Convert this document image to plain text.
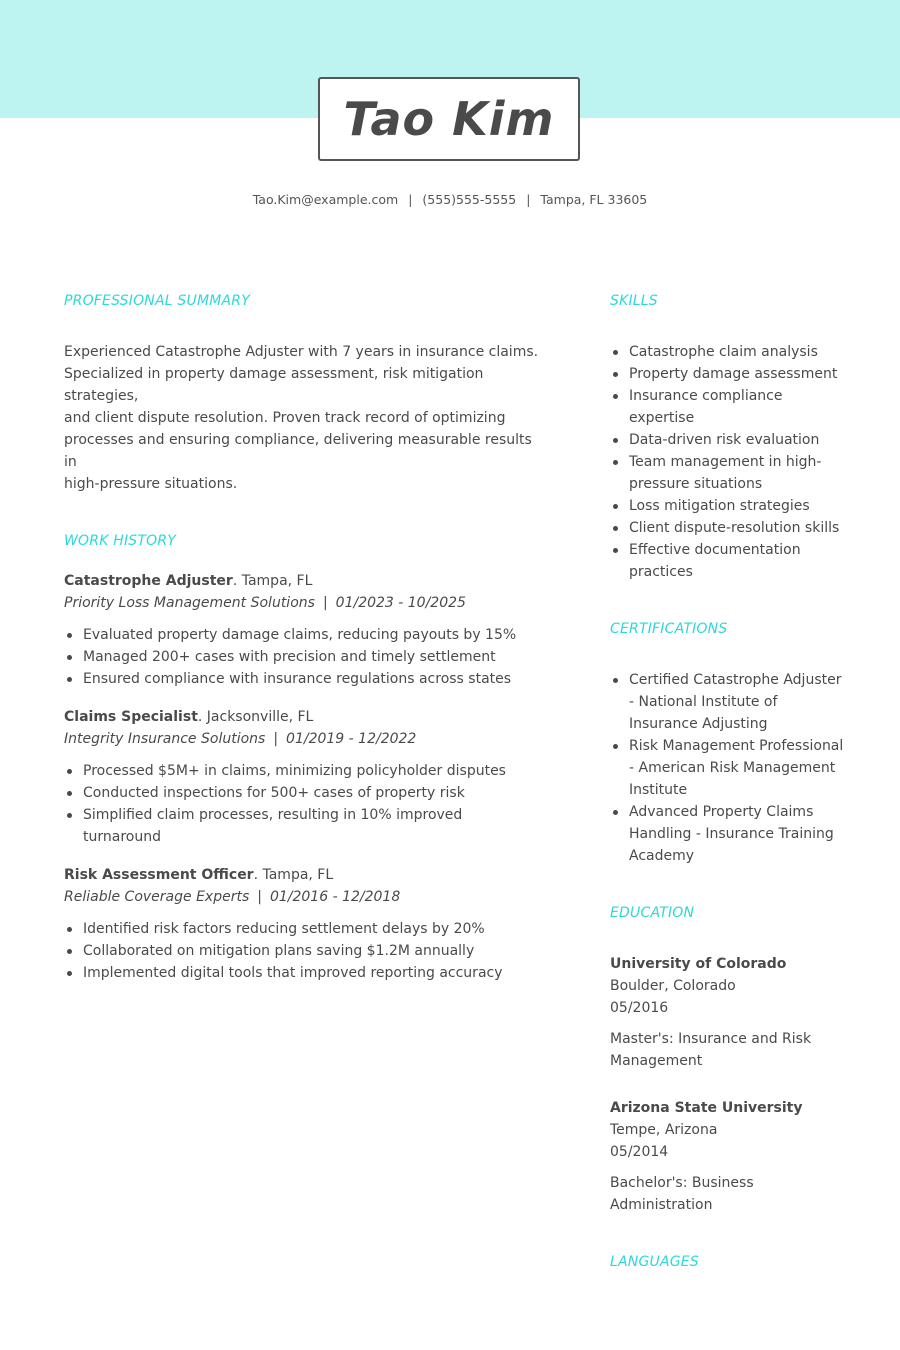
Tao Kim
Tao.Kim@example.com | (555)555-5555 | Tampa, FL 33605
PROFESSIONAL SUMMARY
Experienced Catastrophe Adjuster with 7 years in insurance claims.
Specialized in property damage assessment, risk mitigation strategies,
and client dispute resolution. Proven track record of optimizing
processes and ensuring compliance, delivering measurable results in
high-pressure situations.
WORK HISTORY
Catastrophe Adjuster. Tampa, FL
Priority Loss Management Solutions | 01/2023 - 10/2025
Evaluated property damage claims, reducing payouts by 15%
Managed 200+ cases with precision and timely settlement
Ensured compliance with insurance regulations across states
Claims Specialist. Jacksonville, FL
Integrity Insurance Solutions | 01/2019 - 12/2022
Processed $5M+ in claims, minimizing policyholder disputes
Conducted inspections for 500+ cases of property risk
Simplified claim processes, resulting in 10% improved turnaround
Risk Assessment Officer. Tampa, FL
Reliable Coverage Experts | 01/2016 - 12/2018
Identified risk factors reducing settlement delays by 20%
Collaborated on mitigation plans saving $1.2M annually
Implemented digital tools that improved reporting accuracy
SKILLS
Catastrophe claim analysis
Property damage assessment
Insurance compliance expertise
Data-driven risk evaluation
Team management in high-pressure situations
Loss mitigation strategies
Client dispute-resolution skills
Effective documentation practices
CERTIFICATIONS
Certified Catastrophe Adjuster - National Institute of Insurance Adjusting
Risk Management Professional - American Risk Management Institute
Advanced Property Claims Handling - Insurance Training Academy
EDUCATION
University of Colorado
Boulder, Colorado
05/2016
Master's: Insurance and Risk Management
Arizona State University
Tempe, Arizona
05/2014
Bachelor's: Business Administration
LANGUAGES
